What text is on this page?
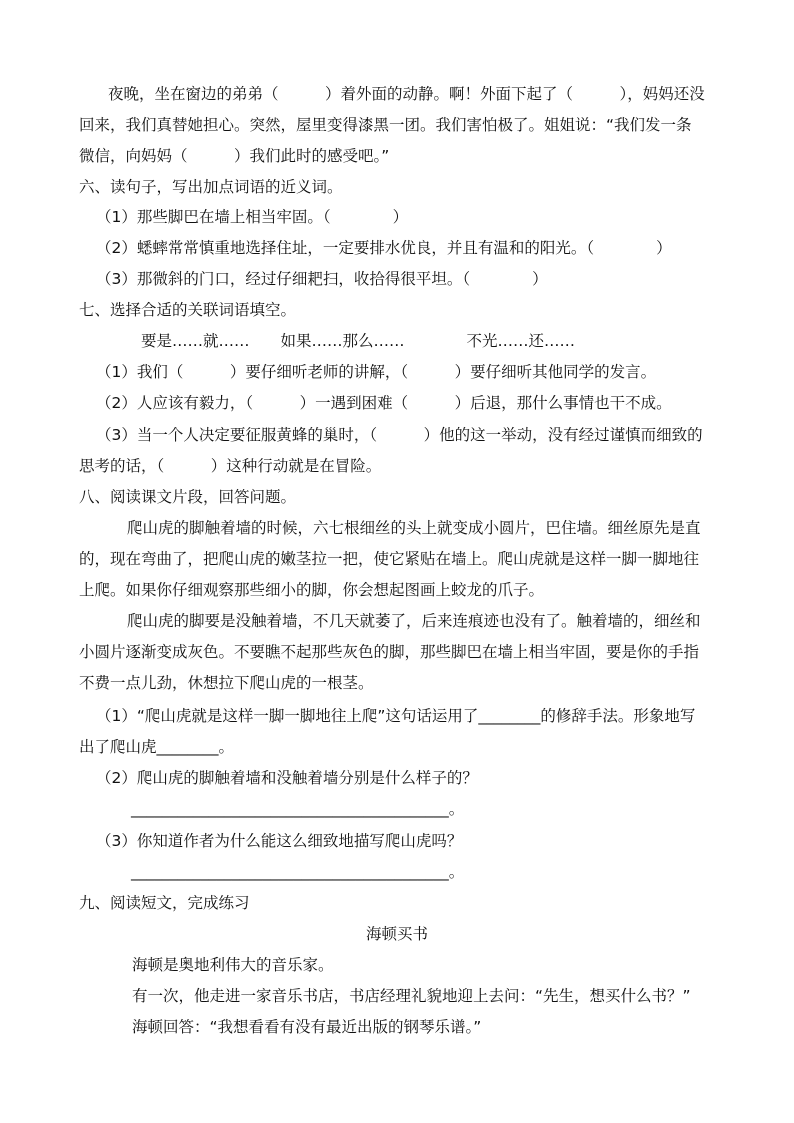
夜晚，坐在窗边的弟弟（　　　）着外面的动静。啊！外面下起了（　　　），妈妈还没
回来，我们真替她担心。突然，屋里变得漆黑一团。我们害怕极了。姐姐说：“我们发一条
微信，向妈妈（　　　）我们此时的感受吧。”
六、读句子，写出加点词语的近义词。
（1）那些脚巴在墙上相当牢固。（　　　　）
（2）蟋蟀常常慎重地选择住址，一定要排水优良，并且有温和的阳光。（　　　　）
（3）那微斜的门口，经过仔细耙扫，收拾得很平坦。（　　　　）
七、选择合适的关联词语填空。
要是……就……　　如果……那么……　　　　不光……还……
（1）我们（　　　）要仔细听老师的讲解，（　　　）要仔细听其他同学的发言。
（2）人应该有毅力，（　　　）一遇到困难（　　　）后退，那什么事情也干不成。
（3）当一个人决定要征服黄蜂的巢时，（　　　）他的这一举动，没有经过谨慎而细致的
思考的话，（　　　）这种行动就是在冒险。
八、阅读课文片段，回答问题。
爬山虎的脚触着墙的时候，六七根细丝的头上就变成小圆片，巴住墙。细丝原先是直
的，现在弯曲了，把爬山虎的嫩茎拉一把，使它紧贴在墙上。爬山虎就是这样一脚一脚地往
上爬。如果你仔细观察那些细小的脚，你会想起图画上蛟龙的爪子。
爬山虎的脚要是没触着墙，不几天就萎了，后来连痕迹也没有了。触着墙的，细丝和
小圆片逐渐变成灰色。不要瞧不起那些灰色的脚，那些脚巴在墙上相当牢固，要是你的手指
不费一点儿劲，休想拉下爬山虎的一根茎。
（1）“爬山虎就是这样一脚一脚地往上爬”这句话运用了________的修辞手法。形象地写
出了爬山虎________。
（2）爬山虎的脚触着墙和没触着墙分别是什么样子的？
_________________________________________。
（3）你知道作者为什么能这么细致地描写爬山虎吗？
_________________________________________。
九、阅读短文，完成练习
海顿买书
海顿是奥地利伟大的音乐家。
有一次，他走进一家音乐书店，书店经理礼貌地迎上去问：“先生，想买什么书？”
海顿回答：“我想看看有没有最近出版的钢琴乐谱。”
